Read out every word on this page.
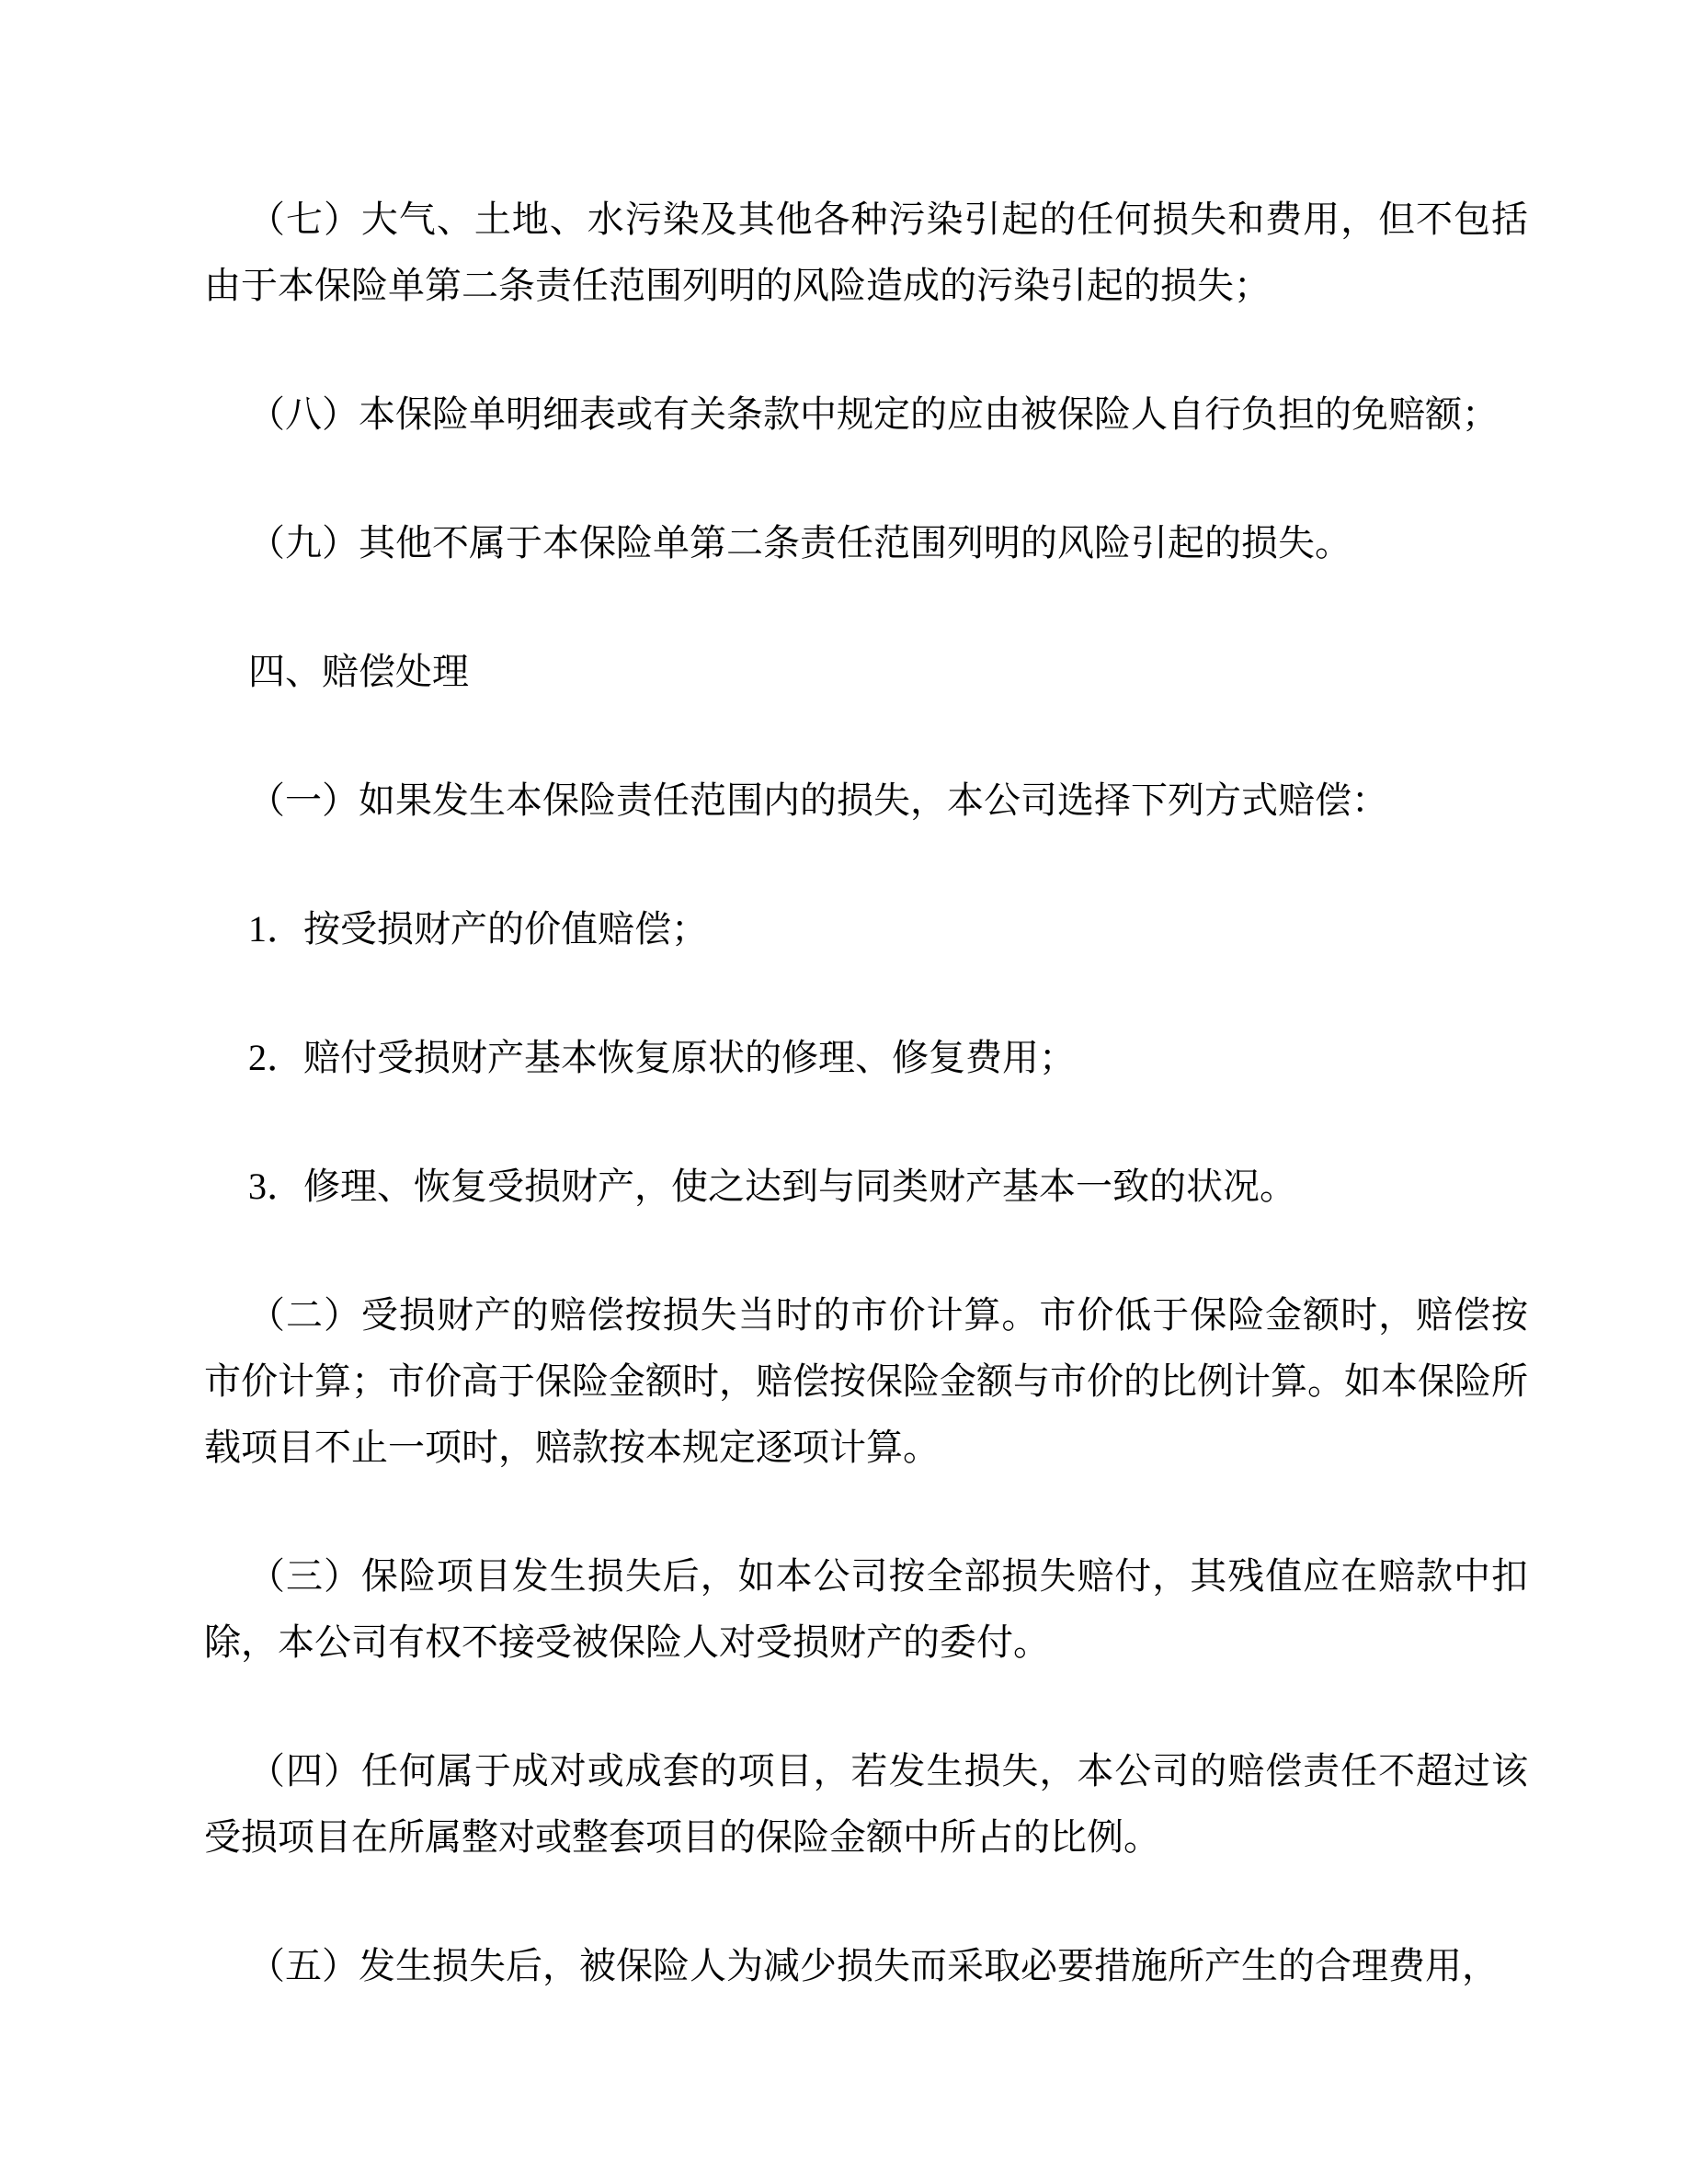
（七）大气、土地、水污染及其他各种污染引起的任何损失和费用，但不包括由于本保险单第二条责任范围列明的风险造成的污染引起的损失；

（八）本保险单明细表或有关条款中规定的应由被保险人自行负担的免赔额；

（九）其他不属于本保险单第二条责任范围列明的风险引起的损失。

四、赔偿处理

（一）如果发生本保险责任范围内的损失，本公司选择下列方式赔偿：

1．按受损财产的价值赔偿；

2．赔付受损财产基本恢复原状的修理、修复费用；

3．修理、恢复受损财产，使之达到与同类财产基本一致的状况。

（二）受损财产的赔偿按损失当时的市价计算。市价低于保险金额时，赔偿按市价计算；市价高于保险金额时，赔偿按保险金额与市价的比例计算。如本保险所载项目不止一项时，赔款按本规定逐项计算。

（三）保险项目发生损失后，如本公司按全部损失赔付，其残值应在赔款中扣除，本公司有权不接受被保险人对受损财产的委付。

（四）任何属于成对或成套的项目，若发生损失，本公司的赔偿责任不超过该受损项目在所属整对或整套项目的保险金额中所占的比例。

（五）发生损失后，被保险人为减少损失而采取必要措施所产生的合理费用，
